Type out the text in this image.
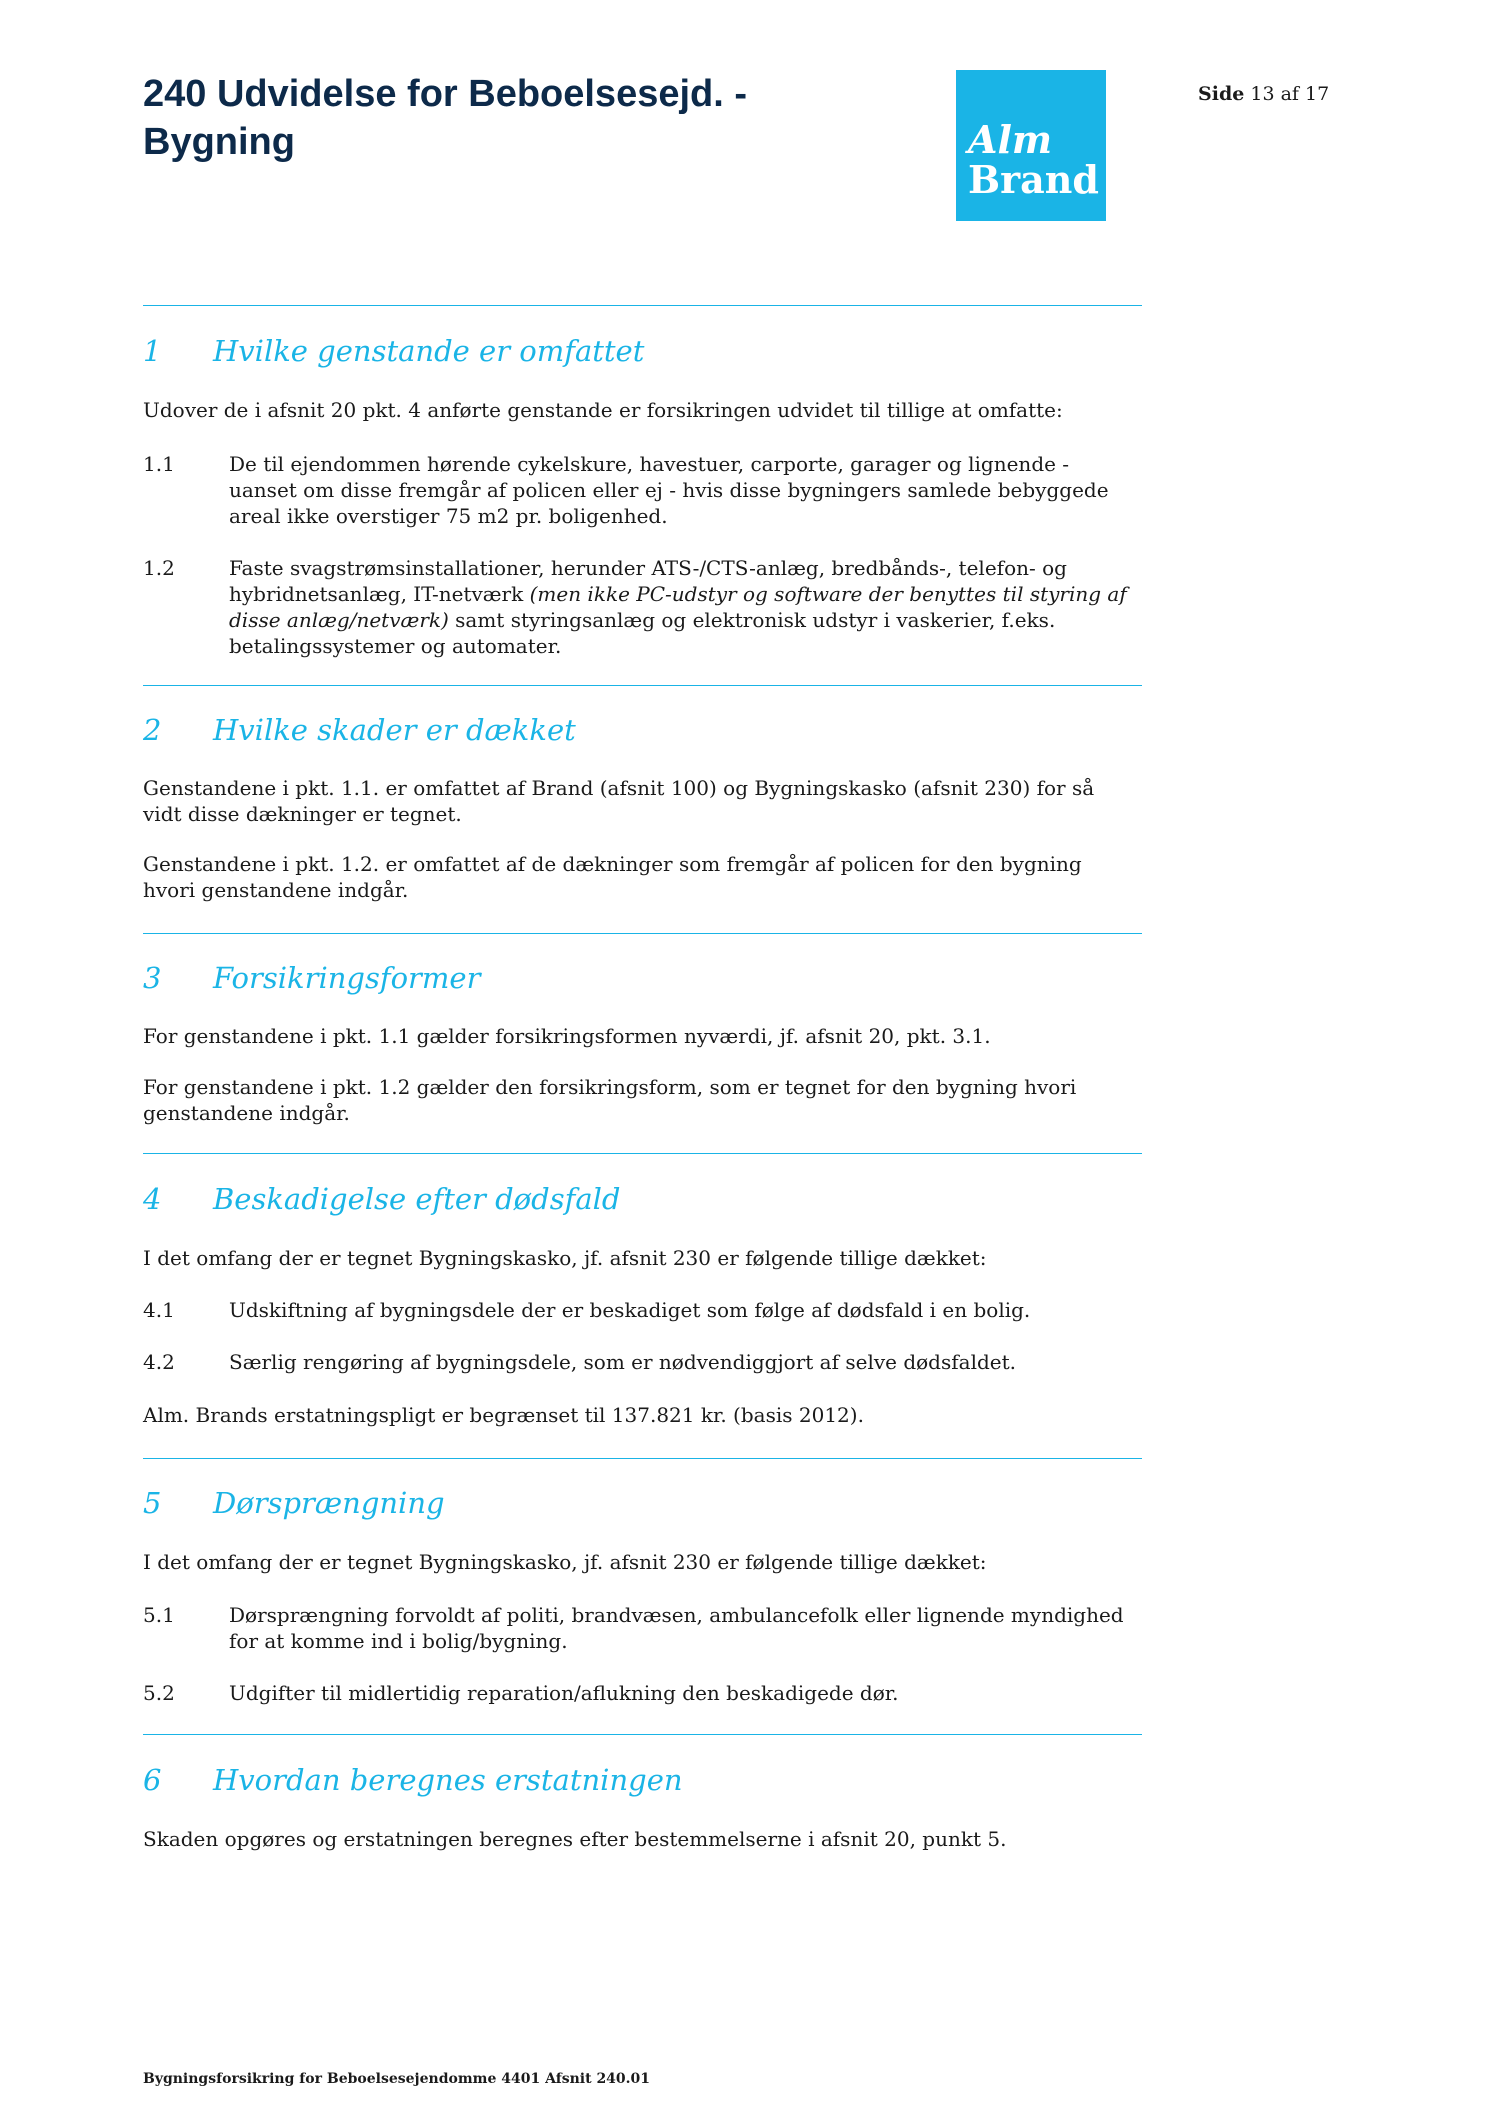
240 Udvidelse for Beboelsesejd. - Bygning	Alm
Brand
Side 13 af 17
1 Hvilke genstande er omfattet

Udover de i afsnit 20 pkt. 4 anførte genstande er forsikringen udvidet til tillige at omfatte:

1.1	De til ejendommen hørende cykelskure, havestuer, carporte, garager og lignende - uanset om disse fremgår af policen eller ej - hvis disse bygningers samlede bebyggede areal ikke overstiger 75 m2 pr. boligenhed.
1.2	Faste svagstrømsinstallationer, herunder ATS-/CTS-anlæg, bredbånds-, telefon- og hybridnetsanlæg, IT-netværk (men ikke PC-udstyr og software der benyttes til styring af disse anlæg/netværk) samt styringsanlæg og elektronisk udstyr i vaskerier, f.eks. betalingssystemer og automater.
2 Hvilke skader er dækket

Genstandene i pkt. 1.1. er omfattet af Brand (afsnit 100) og Bygningskasko (afsnit 230) for så vidt disse dækninger er tegnet.

Genstandene i pkt. 1.2. er omfattet af de dækninger som fremgår af policen for den bygning hvori genstandene indgår.

3 Forsikringsformer

For genstandene i pkt. 1.1 gælder forsikringsformen nyværdi, jf. afsnit 20, pkt. 3.1.

For genstandene i pkt. 1.2 gælder den forsikringsform, som er tegnet for den bygning hvori genstandene indgår.

4 Beskadigelse efter dødsfald

I det omfang der er tegnet Bygningskasko, jf. afsnit 230 er følgende tillige dækket:

4.1	Udskiftning af bygningsdele der er beskadiget som følge af dødsfald i en bolig.
4.2	Særlig rengøring af bygningsdele, som er nødvendiggjort af selve dødsfaldet.

Alm. Brands erstatningspligt er begrænset til 137.821 kr. (basis 2012).

5 Dørsprængning

I det omfang der er tegnet Bygningskasko, jf. afsnit 230 er følgende tillige dækket:

5.1	Dørsprængning forvoldt af politi, brandvæsen, ambulancefolk eller lignende myndighed for at komme ind i bolig/bygning.
5.2	Udgifter til midlertidig reparation/aflukning den beskadigede dør.
6 Hvordan beregnes erstatningen

Skaden opgøres og erstatningen beregnes efter bestemmelserne i afsnit 20, punkt 5.

Bygningsforsikring for Beboelsesejendomme 4401 Afsnit 240.01
